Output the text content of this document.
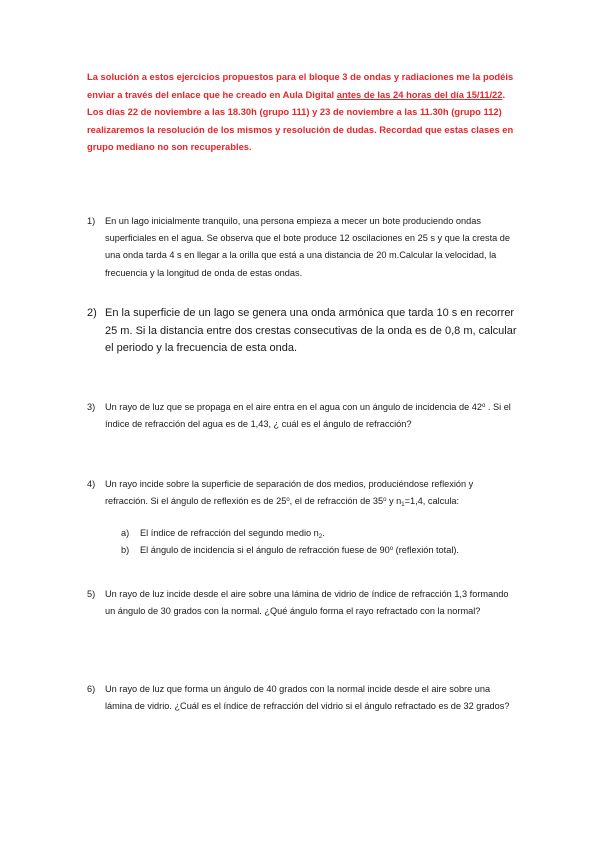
La solución a estos ejercicios propuestos para el bloque 3 de ondas y radiaciones me la podéis enviar a través del enlace que he creado en Aula Digital antes de las 24 horas del día 15/11/22. Los días 22 de noviembre a las 18.30h (grupo 111) y 23 de noviembre a las 11.30h (grupo 112) realizaremos la resolución de los mismos y resolución de dudas. Recordad que estas clases en grupo mediano no son recuperables.
1) En un lago inicialmente tranquilo, una persona empieza a mecer un bote produciendo ondas superficiales en el agua. Se observa que el bote produce 12 oscilaciones en 25 s y que la cresta de una onda tarda 4 s en llegar a la orilla que está a una distancia de 20 m.Calcular la velocidad, la frecuencia y la longitud de onda de estas ondas.
2) En la superficie de un lago se genera una onda armónica que tarda 10 s en recorrer 25 m. Si la distancia entre dos crestas consecutivas de la onda es de 0,8 m, calcular el periodo y la frecuencia de esta onda.
3) Un rayo de luz que se propaga en el aire entra en el agua con un ángulo de incidencia de 42$^o$ . Si el índice de refracción del agua es de 1,43, ¿ cuál es el ángulo de refracción?
4) Un rayo incide sobre la superficie de separación de dos medios, produciéndose reflexión y refracción. Si el ángulo de reflexión es de 25$^o$, el de refracción de 35$^o$ y $n_1=1,4$, calcula:
a) El índice de refracción del segundo medio $n_2$.
b) El ángulo de incidencia si el ángulo de refracción fuese de 90$^o$ (reflexión total).
5) Un rayo de luz incide desde el aire sobre una lámina de vidrio de índice de refracción 1,3 formando un ángulo de 30 grados con la normal. ¿Qué ángulo forma el rayo refractado con la normal?
6) Un rayo de luz que forma un ángulo de 40 grados con la normal incide desde el aire sobre una lámina de vidrio. ¿Cuál es el índice de refracción del vidrio si el ángulo refractado es de 32 grados?
